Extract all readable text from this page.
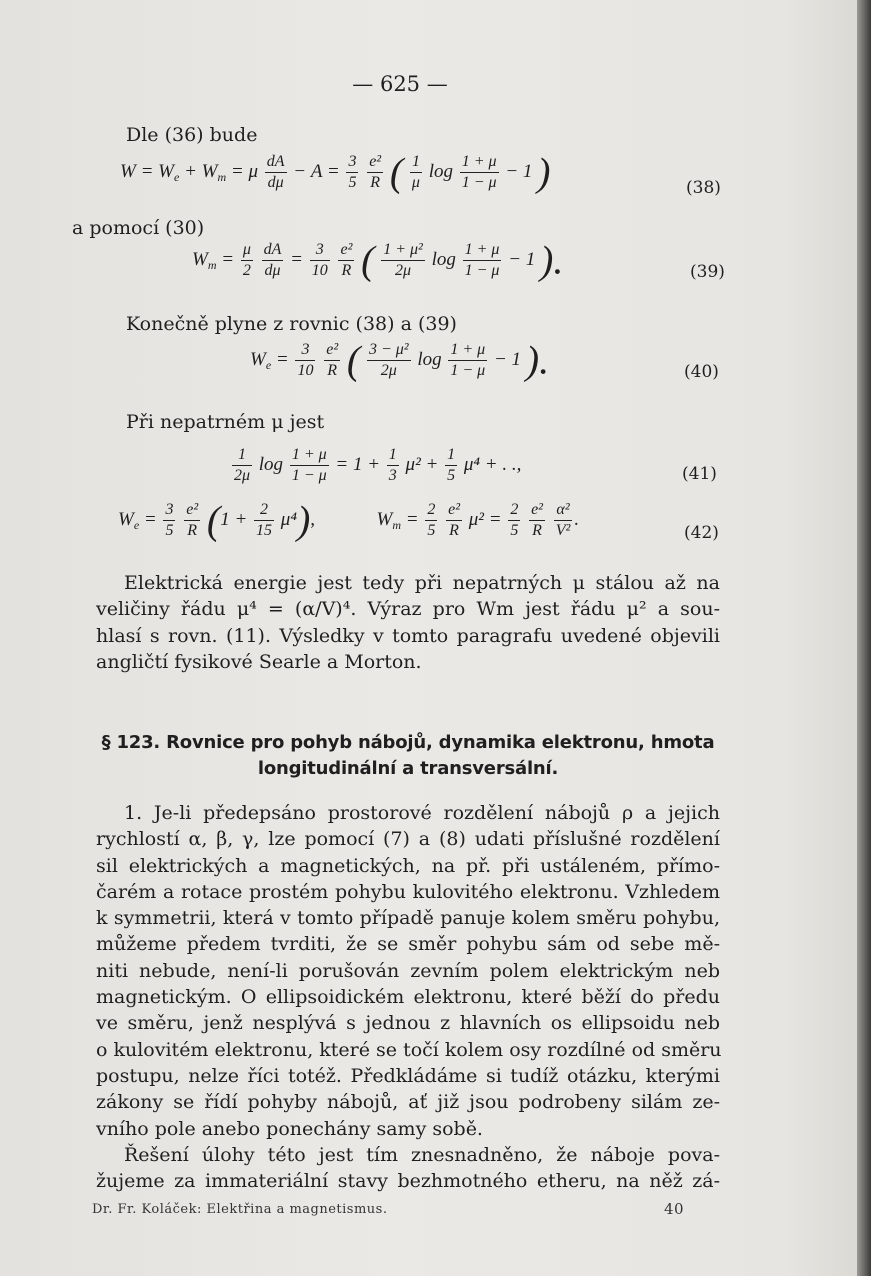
— 625 —
Dle (36) bude
$W = W_e + W_m = \mu \frac{dA}{d\mu} - A = \frac{3}{5}$
$\frac{\text{e²}}{R}$ ( $\frac{1}{\mu}$ $\log \frac{1 + \mu}{1 - \mu} - 1$ )	(38)
a pomocí (30)
$W_m = \frac{\mu}{2}$
$\frac{dA}{d\mu} = \frac{3}{10}$
$\frac{\text{e²}}{R}$ ( $\frac{\text{1 + μ²}}{2\mu}$ $\log \frac{1 + \mu}{1 - \mu} - 1$ ).	(39)
Konečně plyne z rovnic (38) a (39)
$W_e = \frac{3}{10}$
$\frac{\text{e²}}{R}$ ( $\frac{\text{3 − μ²}}{2\mu}$ $\log \frac{1 + \mu}{1 - \mu} - 1$ ).	(40)
Při nepatrném μ jest
$\frac{1}{2\mu}$ $\log \frac{1 + \mu}{1 - \mu} = 1 + \frac{1}{3} \mu^2 + \frac{1}{5} \mu^4$ + . .,	(41)
$W_e = \frac{3}{5}$
$\frac{\text{e²}}{R} (1 + \frac{2}{15} \mu^4)$,	$W_m = \frac{2}{5}$
$\frac{\text{e²}}{R} \mu^2 = \frac{2}{5}$
$\frac{\text{e²}}{R}$
$\frac{\text{α²}}{\text{V²}}$ .
(42)
Elektrická energie jest tedy při nepatrných μ stálou až na
veličiny řádu μ⁴ = (α/V)⁴. Výraz pro Wm jest řádu μ² a sou-
hlasí s rovn. (11). Výsledky v tomto paragrafu uvedené objevili
angličtí fysikové Searle a Morton.
§ 123. Rovnice pro pohyb nábojů, dynamika elektronu, hmota
longitudinální a transversální.
1. Je-li předepsáno prostorové rozdělení nábojů ρ a jejich
rychlostí α, β, γ, lze pomocí (7) a (8) udati příslušné rozdělení
sil elektrických a magnetických, na př. při ustáleném, přímo-
čarém a rotace prostém pohybu kulovitého elektronu. Vzhledem
k symmetrii, která v tomto případě panuje kolem směru pohybu,
můžeme předem tvrditi, že se směr pohybu sám od sebe mě-
niti nebude, není-li porušován zevním polem elektrickým neb
magnetickým. O ellipsoidickém elektronu, které běží do předu
ve směru, jenž nesplývá s jednou z hlavních os ellipsoidu neb
o kulovitém elektronu, které se točí kolem osy rozdílné od směru
postupu, nelze říci totéž. Předkládáme si tudíž otázku, kterými
zákony se řídí pohyby nábojů, ať již jsou podrobeny silám ze-
vního pole anebo ponechány samy sobě.
Řešení úlohy této jest tím znesnadněno, že náboje pova-
žujeme za immateriální stavy bezhmotného etheru, na něž zá-
Dr. Fr. Koláček: Elektřina a magnetismus.	40
